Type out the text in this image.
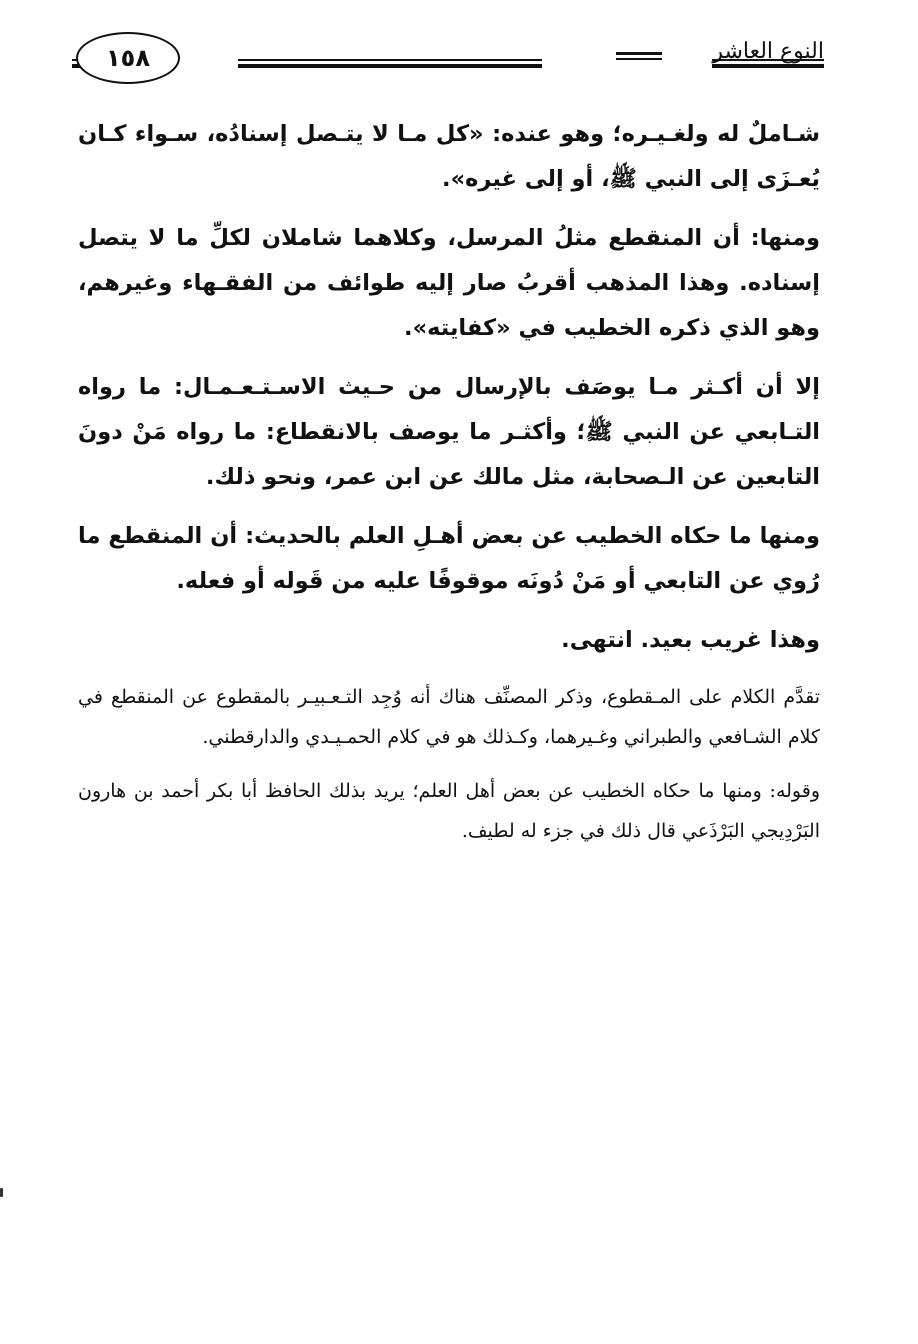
النوع العاشر
١٥٨

شـاملٌ له ولغـيـره؛ وهو عنده: «كل مـا لا يتـصل إسنادُه، سـواء كـان يُعـزَى إلى النبي ﷺ، أو إلى غيره».

ومنها: أن المنقطع مثلُ المرسل، وكلاهما شاملان لكلِّ ما لا يتصل إسناده. وهذا المذهب أقربُ صار إليه طوائف من الفقـهاء وغيرهم، وهو الذي ذكره الخطيب في «كفايته».

إلا أن أكـثر مـا يوصَف بالإرسال من حـيث الاسـتـعـمـال: ما رواه التـابعي عن النبي ﷺ؛ وأكثـر ما يوصف بالانقطاع: ما رواه مَنْ دونَ التابعين عن الـصحابة، مثل مالك عن ابن عمر، ونحو ذلك.

ومنها ما حكاه الخطيب عن بعض أهـلِ العلم بالحديث: أن المنقطع ما رُوي عن التابعي أو مَنْ دُونَه موقوفًا عليه من قَوله أو فعله.

وهذا غريب بعيد. انتهى.

تقدَّم الكلام على المـقطوع، وذكر المصنِّف هناك أنه وُجِد التـعـبيـر بالمقطوع عن المنقطع في كلام الشـافعي والطبراني وغـيرهما، وكـذلك هو في كلام الحمـيـدي والدارقطني.

وقوله: ومنها ما حكاه الخطيب عن بعض أهل العلم؛ يريد بذلك الحافظ أبا بكر أحمد بن هارون البَرْدِيجي البَرْذَعي قال ذلك في جزء له لطيف.
